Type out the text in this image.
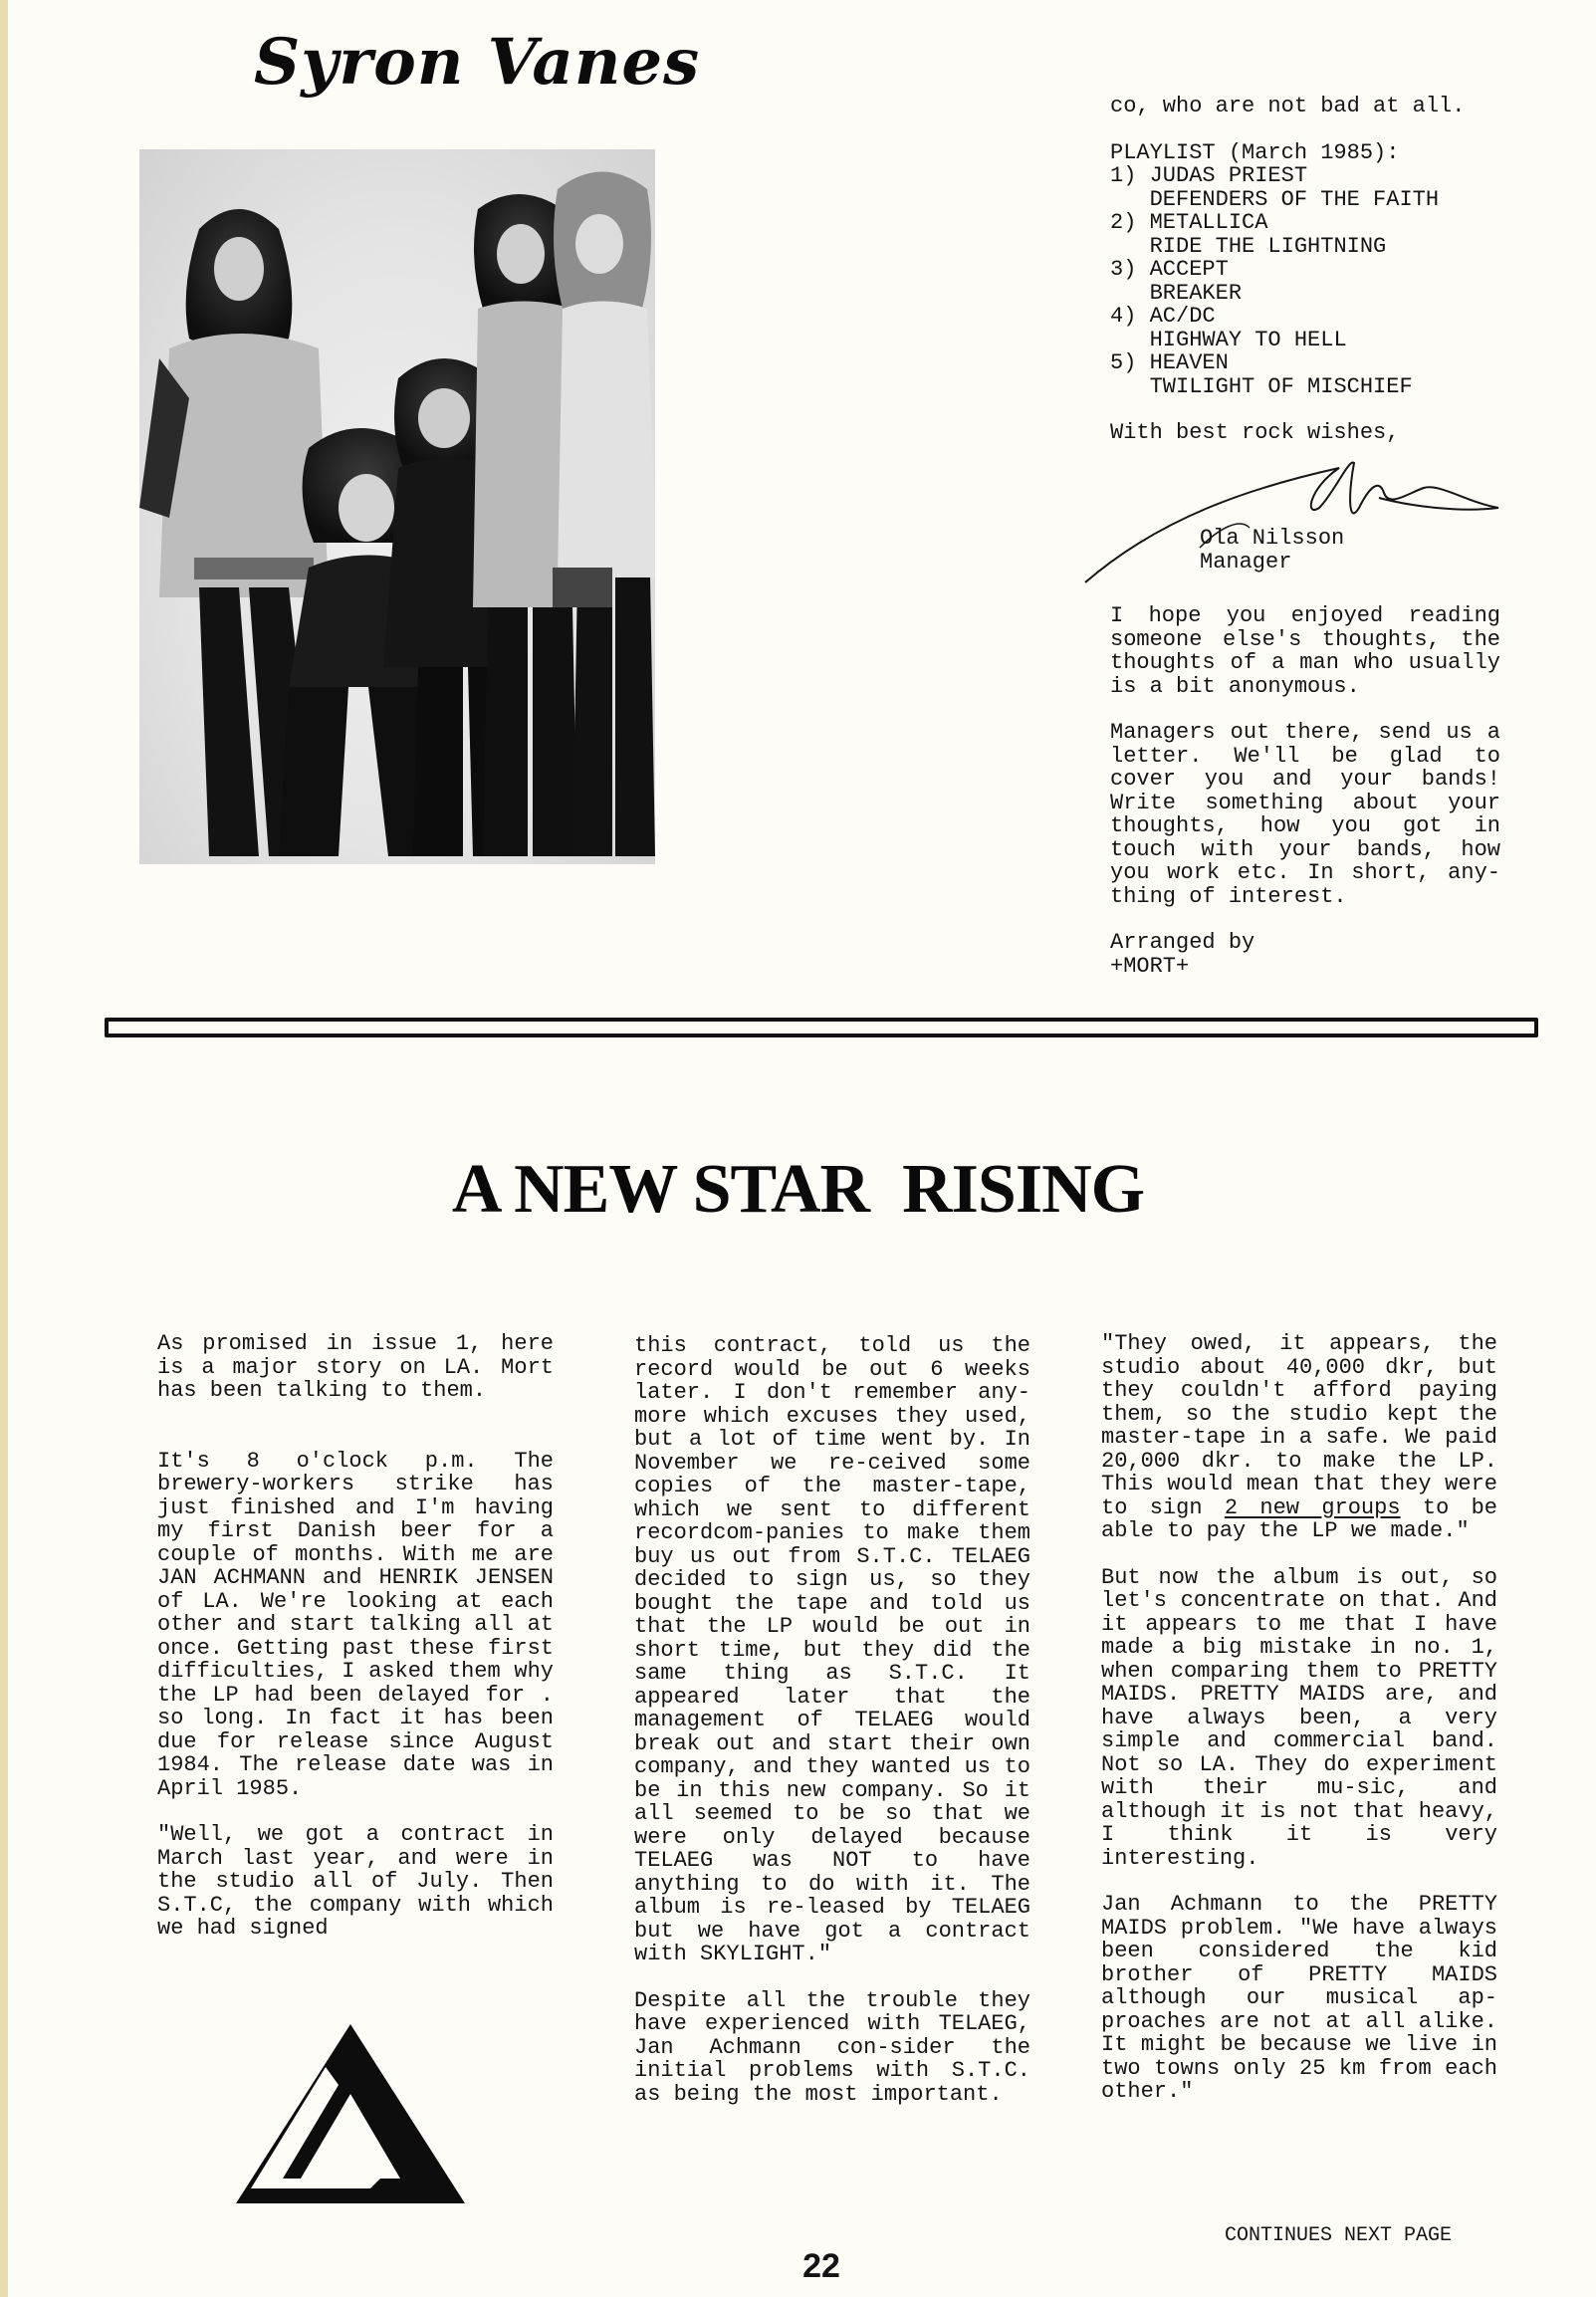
Syron Vanes

co, who are not bad at all.

PLAYLIST (March 1985):

1) JUDAS PRIEST
DEFENDERS OF THE FAITH
2) METALLICA
RIDE THE LIGHTNING
3) ACCEPT
BREAKER
4) AC/DC
HIGHWAY TO HELL
5) HEAVEN
TWILIGHT OF MISCHIEF

With best rock wishes,

Ola Nilsson
Manager

I hope you enjoyed reading someone else's thoughts, the thoughts of a man who usually is a bit anonymous.

Managers out there, send us a letter. We'll be glad to cover you and your bands! Write something about your thoughts, how you got in touch with your bands, how you work etc. In short, any-thing of interest.

Arranged by

+MORT+

A NEW STAR  RISING

As promised in issue 1, here is a major story on LA. Mort has been talking to them.

It's 8 o'clock p.m. The brewery-workers strike has just finished and I'm having my first Danish beer for a couple of months. With me are JAN ACHMANN and HENRIK JENSEN of LA. We're looking at each other and start talking all at once. Getting past these first difficulties, I asked them why the LP had been delayed for . so long. In fact it has been due for release since August 1984. The release date was in April 1985.

"Well, we got a contract in March last year, and were in the studio all of July. Then S.T.C, the company with which we had signed

this contract, told us the record would be out 6 weeks later. I don't remember any-more which excuses they used, but a lot of time went by. In November we re-ceived some copies of the master-tape, which we sent to different recordcom-panies to make them buy us out from S.T.C. TELAEG decided to sign us, so they bought the tape and told us that the LP would be out in short time, but they did the same thing as S.T.C. It appeared later that the management of TELAEG would break out and start their own company, and they wanted us to be in this new company. So it all seemed to be so that we were only delayed because TELAEG was NOT to have anything to do with it. The album is re-leased by TELAEG but we have got a contract with SKYLIGHT."

Despite all the trouble they have experienced with TELAEG, Jan Achmann con-sider the initial problems with S.T.C. as being the most important.

"They owed, it appears, the studio about 40,000 dkr, but they couldn't afford paying them, so the studio kept the master-tape in a safe. We paid 20,000 dkr. to make the LP. This would mean that they were to sign 2 new groups to be able to pay the LP we made."

But now the album is out, so let's concentrate on that. And it appears to me that I have made a big mistake in no. 1, when comparing them to PRETTY MAIDS. PRETTY MAIDS are, and have always been, a very simple and commercial band. Not so LA. They do experiment with their mu-sic, and although it is not that heavy, I think it is very interesting.

Jan Achmann to the PRETTY MAIDS problem. "We have always been considered the kid brother of PRETTY MAIDS although our musical ap-proaches are not at all alike. It might be because we live in two towns only 25 km from each other."

CONTINUES NEXT PAGE
22
